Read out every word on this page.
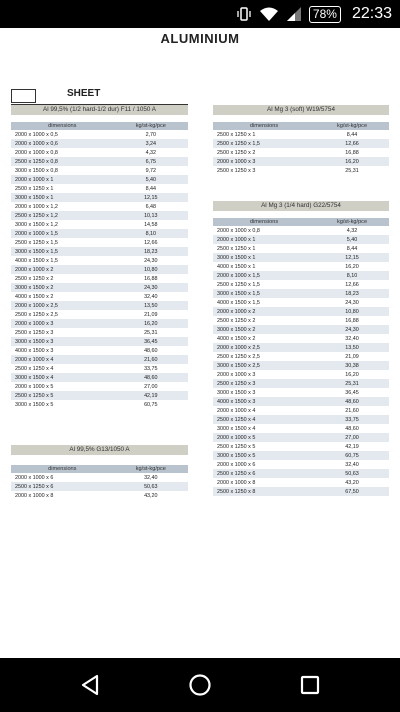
78% 22:33
ALUMINIUM
SHEET
Al 99,5% (1/2 hard-1/2 dur) F11 / 1050 A
dimensions	kg/st-kg/pce
2000 x 1000 x 0,5	2,70
2000 x 1000 x 0,6	3,24
2000 x 1000 x 0,8	4,32
2500 x 1250 x 0,8	6,75
3000 x 1500 x 0,8	9,72
2000 x 1000 x 1	5,40
2500 x 1250 x 1	8,44
3000 x 1500 x 1	12,15
2000 x 1000 x 1,2	6,48
2500 x 1250 x 1,2	10,13
3000 x 1500 x 1,2	14,58
2000 x 1000 x 1,5	8,10
2500 x 1250 x 1,5	12,66
3000 x 1500 x 1,5	18,23
4000 x 1500 x 1,5	24,30
2000 x 1000 x 2	10,80
2500 x 1250 x 2	16,88
3000 x 1500 x 2	24,30
4000 x 1500 x 2	32,40
2000 x 1000 x 2,5	13,50
2500 x 1250 x 2,5	21,09
2000 x 1000 x 3	16,20
2500 x 1250 x 3	25,31
3000 x 1500 x 3	36,45
4000 x 1500 x 3	48,60
2000 x 1000 x 4	21,60
2500 x 1250 x 4	33,75
3000 x 1500 x 4	48,60
2000 x 1000 x 5	27,00
2500 x 1250 x 5	42,19
3000 x 1500 x 5	60,75
Al 99,5% G13/1050 A
dimensions	kg/st-kg/pce
2000 x 1000 x 6	32,40
2500 x 1250 x 6	50,63
2000 x 1000 x 8	43,20
Al Mg 3 (soft) W19/5754
dimensions	kg/st-kg/pce
2500 x 1250 x 1	8,44
2500 x 1250 x 1,5	12,66
2500 x 1250 x 2	16,88
2000 x 1000 x 3	16,20
2500 x 1250 x 3	25,31
Al Mg 3 (1/4 hard) G22/5754
dimensions	kg/st-kg/pce
2000 x 1000 x 0,8	4,32
2000 x 1000 x 1	5,40
2500 x 1250 x 1	8,44
3000 x 1500 x 1	12,15
4000 x 1500 x 1	16,20
2000 x 1000 x 1,5	8,10
2500 x 1250 x 1,5	12,66
3000 x 1500 x 1,5	18,23
4000 x 1500 x 1,5	24,30
2000 x 1000 x 2	10,80
2500 x 1250 x 2	16,88
3000 x 1500 x 2	24,30
4000 x 1500 x 2	32,40
2000 x 1000 x 2,5	13,50
2500 x 1250 x 2,5	21,09
3000 x 1500 x 2,5	30,38
2000 x 1000 x 3	16,20
2500 x 1250 x 3	25,31
3000 x 1500 x 3	36,45
4000 x 1500 x 3	48,60
2000 x 1000 x 4	21,60
2500 x 1250 x 4	33,75
3000 x 1500 x 4	48,60
2000 x 1000 x 5	27,00
2500 x 1250 x 5	42,19
3000 x 1500 x 5	60,75
2000 x 1000 x 6	32,40
2500 x 1250 x 6	50,63
2000 x 1000 x 8	43,20
2500 x 1250 x 8	67,50
